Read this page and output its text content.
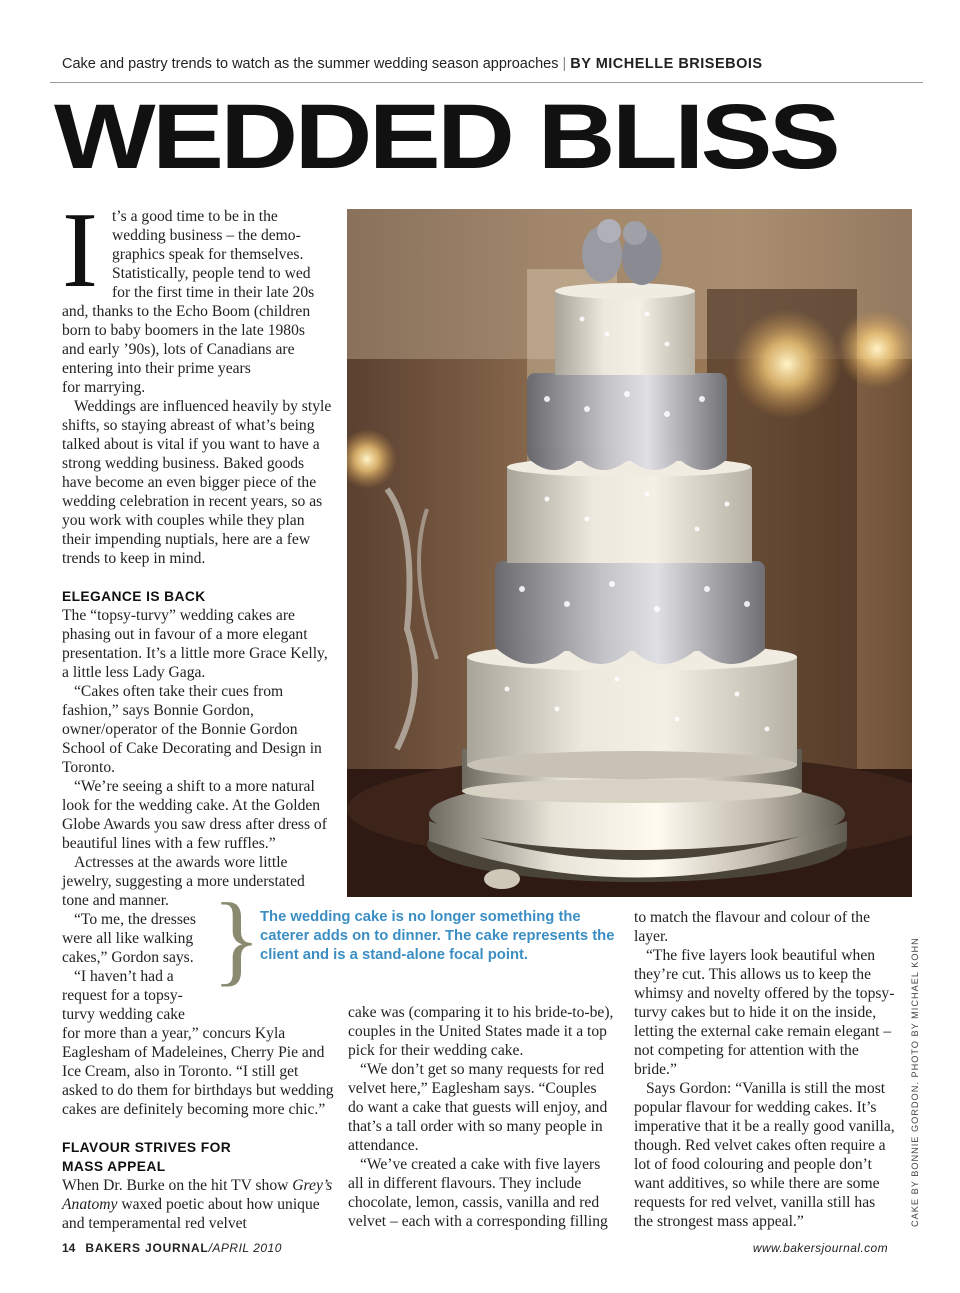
Cake and pastry trends to watch as the summer wedding season approaches | BY MICHELLE BRISEBOIS
WEDDED BLISS
I t’s a good time to be in the
wedding business – the demo-
graphics speak for themselves.
Statistically, people tend to wed
for the first time in their late 20s
and, thanks to the Echo Boom (children
born to baby boomers in the late 1980s
and early ’90s), lots of Canadians are
entering into their prime years
for marrying.

Weddings are influenced heavily by style shifts, so staying abreast of what’s being talked about is vital if you want to have a strong wedding business. Baked goods have become an even bigger piece of the wedding celebration in recent years, so as you work with couples while they plan their impending nuptials, here are a few trends to keep in mind.

ELEGANCE IS BACK

The “topsy-turvy” wedding cakes are phasing out in favour of a more elegant presentation. It’s a little more Grace Kelly, a little less Lady Gaga.

“Cakes often take their cues from fashion,” says Bonnie Gordon, owner/operator of the Bonnie Gordon School of Cake Decorating and Design in Toronto.

“We’re seeing a shift to a more natural look for the wedding cake. At the Golden Globe Awards you saw dress after dress of beautiful lines with a few ruffles.”

Actresses at the awards wore little jewelry, suggesting a more understated tone and manner.

“To me, the dresses
were all like walking
cakes,” Gordon says.
“I haven’t had a
request for a topsy-
turvy wedding cake

for more than a year,” concurs Kyla Eaglesham of Madeleines, Cherry Pie and Ice Cream, also in Toronto. “I still get asked to do them for birthdays but wedding cakes are definitely becoming more chic.”

FLAVOUR STRIVES FOR
MASS APPEAL

When Dr. Burke on the hit TV show Grey’s Anatomy waxed poetic about how unique and temperamental red velvet

} The wedding cake is no longer something the caterer adds on to dinner. The cake represents the client and is a stand-alone focal point.

cake was (comparing it to his bride-to-be), couples in the United States made it a top pick for their wedding cake.

“We don’t get so many requests for red velvet here,” Eaglesham says. “Couples do want a cake that guests will enjoy, and that’s a tall order with so many people in attendance.

“We’ve created a cake with five layers all in different flavours. They include chocolate, lemon, cassis, vanilla and red velvet – each with a corresponding filling

to match the flavour and colour of the layer.

“The five layers look beautiful when they’re cut. This allows us to keep the whimsy and novelty offered by the topsy-turvy cakes but to hide it on the inside, letting the external cake remain elegant – not competing for attention with the bride.”

Says Gordon: “Vanilla is still the most popular flavour for wedding cakes. It’s imperative that it be a really good vanilla, though. Red velvet cakes often require a lot of food colouring and people don’t want additives, so while there are some requests for red velvet, vanilla still has the strongest mass appeal.”	CAKE BY BONNIE GORDON. PHOTO BY MICHAEL KOHN
14 BAKERS JOURNAL/APRIL 2010	www.bakersjournal.com
